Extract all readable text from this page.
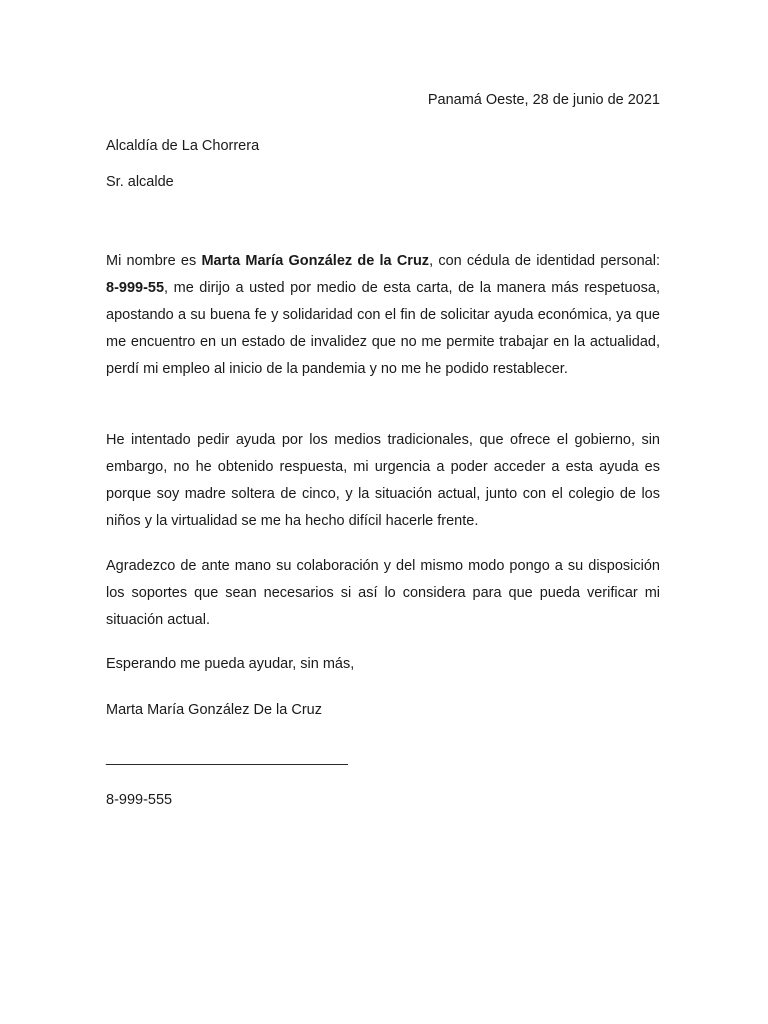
Panamá Oeste, 28 de junio de 2021
Alcaldía de La Chorrera
Sr. alcalde

Mi nombre es Marta María González de la Cruz, con cédula de identidad personal: 8-999-55, me dirijo a usted por medio de esta carta, de la manera más respetuosa, apostando a su buena fe y solidaridad con el fin de solicitar ayuda económica, ya que me encuentro en un estado de invalidez que no me permite trabajar en la actualidad, perdí mi empleo al inicio de la pandemia y no me he podido restablecer.

He intentado pedir ayuda por los medios tradicionales, que ofrece el gobierno, sin embargo, no he obtenido respuesta, mi urgencia a poder acceder a esta ayuda es porque soy madre soltera de cinco, y la situación actual, junto con el colegio de los niños y la virtualidad se me ha hecho difícil hacerle frente.

Agradezco de ante mano su colaboración y del mismo modo pongo a su disposición los soportes que sean necesarios si así lo considera para que pueda verificar mi situación actual.

Esperando me pueda ayudar, sin más,
Marta María González De la Cruz
______________________________
8-999-555
